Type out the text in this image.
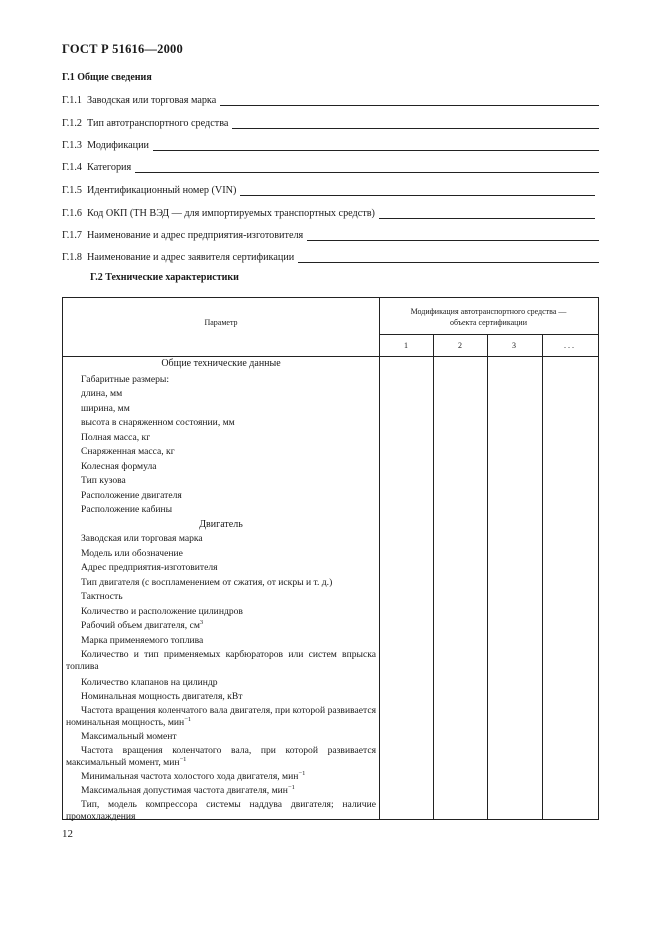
ГОСТ Р 51616—2000
Г.1 Общие сведения
Г.1.1 Заводская или торговая марка
Г.1.2 Тип автотранспортного средства
Г.1.3 Модификации
Г.1.4 Категория
Г.1.5 Идентификационный номер (VIN)
Г.1.6 Код ОКП (ТН ВЭД — для импортируемых транспортных средств)
Г.1.7 Наименование и адрес предприятия-изготовителя
Г.1.8 Наименование и адрес заявителя сертификации
Г.2 Технические характеристики
Параметр
Модификация автотранспортного средства —
объекта сертификации
1	2	3	. . .
Общие технические данные
Габаритные размеры:
длина, мм
ширина, мм
высота в снаряженном состоянии, мм
Полная масса, кг
Снаряженная масса, кг
Колесная формула
Тип кузова
Расположение двигателя
Расположение кабины
Двигатель
Заводская или торговая марка
Модель или обозначение
Адрес предприятия-изготовителя
Тип двигателя (с воспламенением от сжатия, от искры и т. д.)
Тактность
Количество и расположение цилиндров
Рабочий объем двигателя, $см^3$
Марка применяемого топлива
Количество и тип применяемых карбюраторов или систем впрыска топлива
Количество клапанов на цилиндр
Номинальная мощность двигателя, кВт
Частота вращения коленчатого вала двигателя, при которой развивается номинальная мощность, мин$^{-1}$
Максимальный момент
Частота вращения коленчатого вала, при которой развивается максимальный момент, мин$^{-1}$
Минимальная частота холостого хода двигателя, мин$^{-1}$
Максимальная допустимая частота двигателя, мин$^{-1}$
Тип, модель компрессора системы наддува двигателя; наличие промохлаждения
12
